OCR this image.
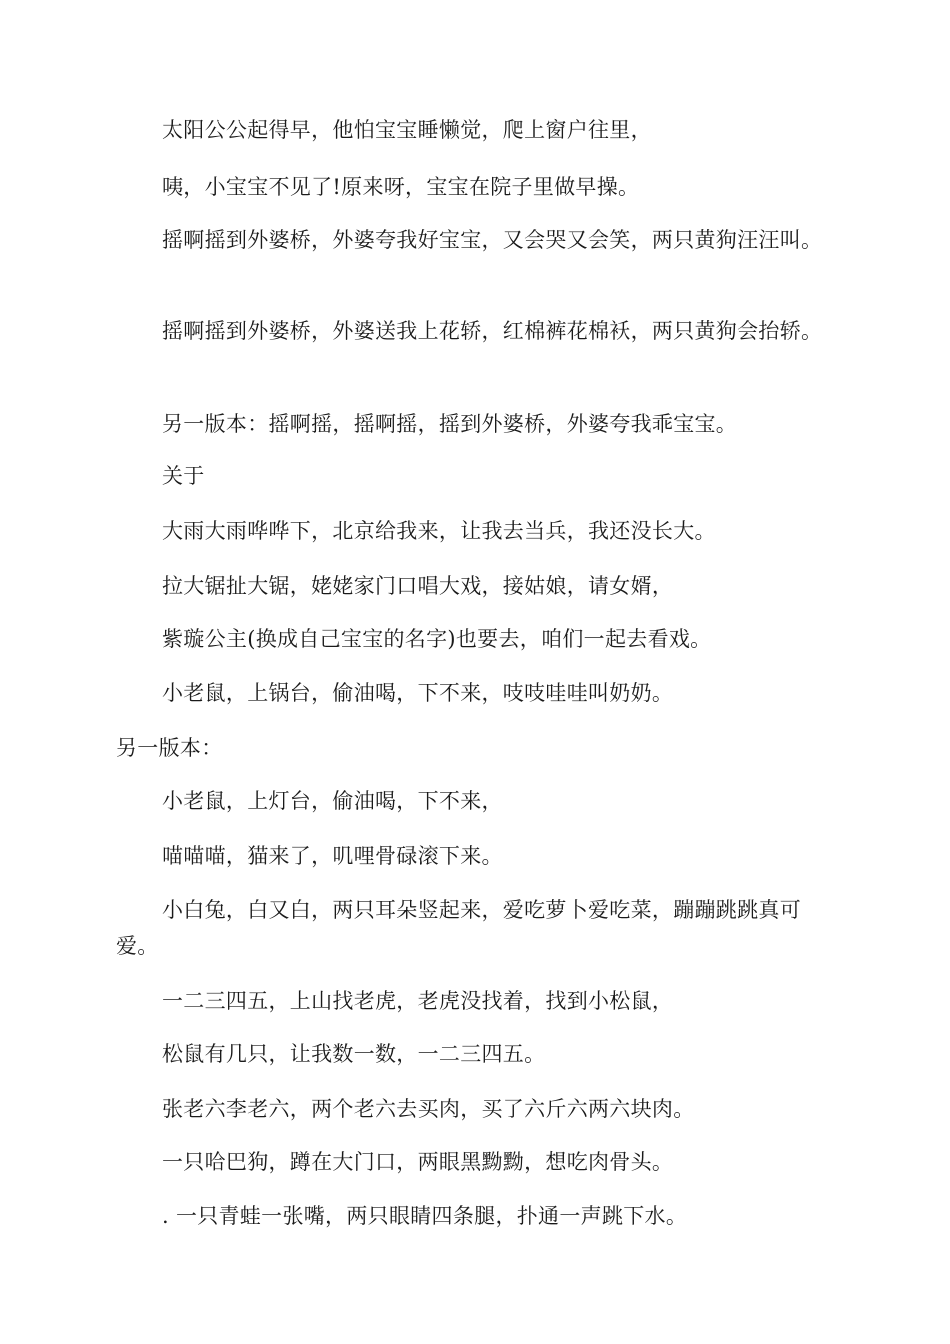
太阳公公起得早，他怕宝宝睡懒觉，爬上窗户往里，

咦，小宝宝不见了!原来呀，宝宝在院子里做早操。

摇啊摇到外婆桥，外婆夸我好宝宝，又会哭又会笑，两只黄狗汪汪叫。

摇啊摇到外婆桥，外婆送我上花轿，红棉裤花棉袄，两只黄狗会抬轿。

另一版本：摇啊摇，摇啊摇，摇到外婆桥，外婆夸我乖宝宝。

关于

大雨大雨哗哗下，北京给我来，让我去当兵，我还没长大。

拉大锯扯大锯，姥姥家门口唱大戏，接姑娘，请女婿，

紫璇公主(换成自己宝宝的名字)也要去，咱们一起去看戏。

小老鼠，上锅台，偷油喝，下不来，吱吱哇哇叫奶奶。

另一版本：

小老鼠，上灯台，偷油喝，下不来，

喵喵喵，猫来了，叽哩骨碌滚下来。

小白兔，白又白，两只耳朵竖起来，爱吃萝卜爱吃菜，蹦蹦跳跳真可爱。

一二三四五，上山找老虎，老虎没找着，找到小松鼠，

松鼠有几只，让我数一数，一二三四五。

张老六李老六，两个老六去买肉，买了六斤六两六块肉。

一只哈巴狗，蹲在大门口，两眼黑黝黝，想吃肉骨头。

. 一只青蛙一张嘴，两只眼睛四条腿，扑通一声跳下水。
